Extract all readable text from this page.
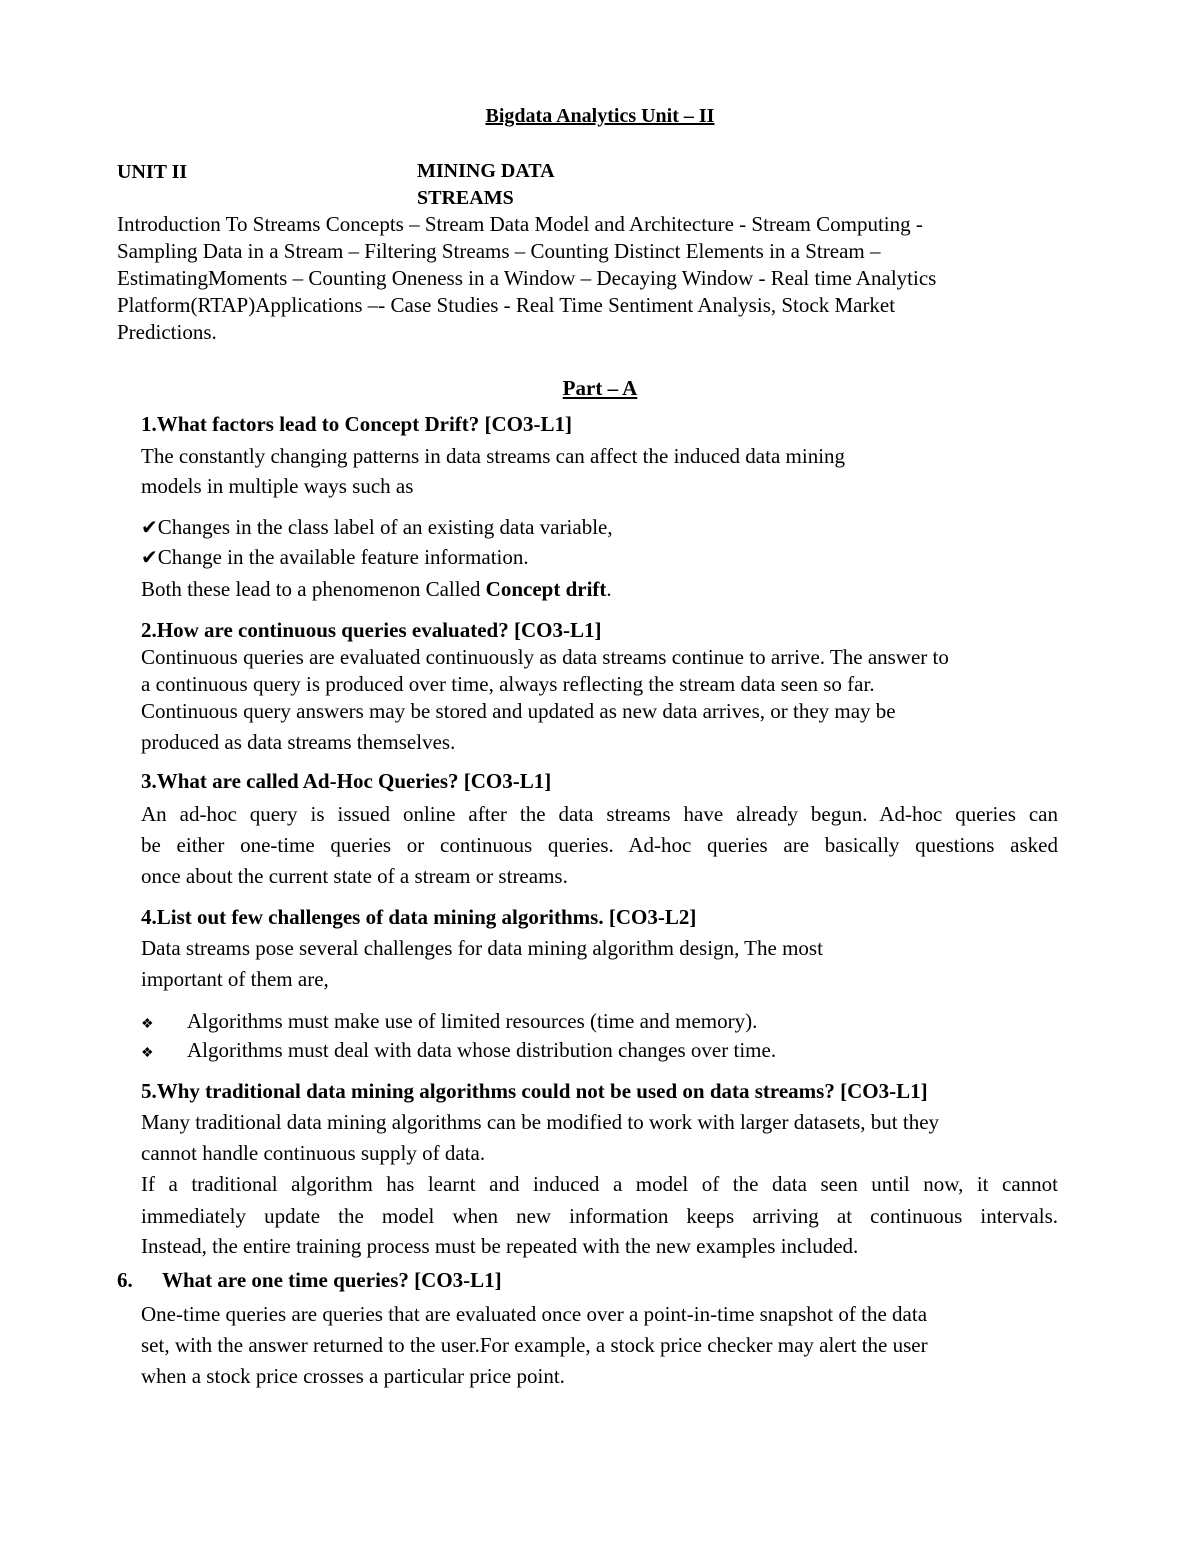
Bigdata Analytics Unit – II
UNIT II	MINING DATA
STREAMS
Introduction To Streams Concepts – Stream Data Model and Architecture - Stream Computing -
Sampling Data in a Stream – Filtering Streams – Counting Distinct Elements in a Stream –
EstimatingMoments – Counting Oneness in a Window – Decaying Window - Real time Analytics
Platform(RTAP)Applications –- Case Studies - Real Time Sentiment Analysis, Stock Market
Predictions.
Part – A
1.What factors lead to Concept Drift? [CO3-L1]
The constantly changing patterns in data streams can affect the induced data mining
models in multiple ways such as
✔Changes in the class label of an existing data variable,
✔Change in the available feature information.
Both these lead to a phenomenon Called Concept drift.
2.How are continuous queries evaluated? [CO3-L1]
Continuous queries are evaluated continuously as data streams continue to arrive. The answer to
a continuous query is produced over time, always reflecting the stream data seen so far.
Continuous query answers may be stored and updated as new data arrives, or they may be
produced as data streams themselves.
3.What are called Ad-Hoc Queries? [CO3-L1]
An ad-hoc query is issued online after the data streams have already begun. Ad-hoc queries can
be either one-time queries or continuous queries. Ad-hoc queries are basically questions asked
once about the current state of a stream or streams.
4.List out few challenges of data mining algorithms. [CO3-L2]
Data streams pose several challenges for data mining algorithm design, The most
important of them are,
❖ Algorithms must make use of limited resources (time and memory).
❖ Algorithms must deal with data whose distribution changes over time.
5.Why traditional data mining algorithms could not be used on data streams? [CO3-L1]
Many traditional data mining algorithms can be modified to work with larger datasets, but they
cannot handle continuous supply of data.
If a traditional algorithm has learnt and induced a model of the data seen until now, it cannot
immediately update the model when new information keeps arriving at continuous intervals.
Instead, the entire training process must be repeated with the new examples included.
6. What are one time queries? [CO3-L1]
One-time queries are queries that are evaluated once over a point-in-time snapshot of the data
set, with the answer returned to the user.For example, a stock price checker may alert the user
when a stock price crosses a particular price point.
